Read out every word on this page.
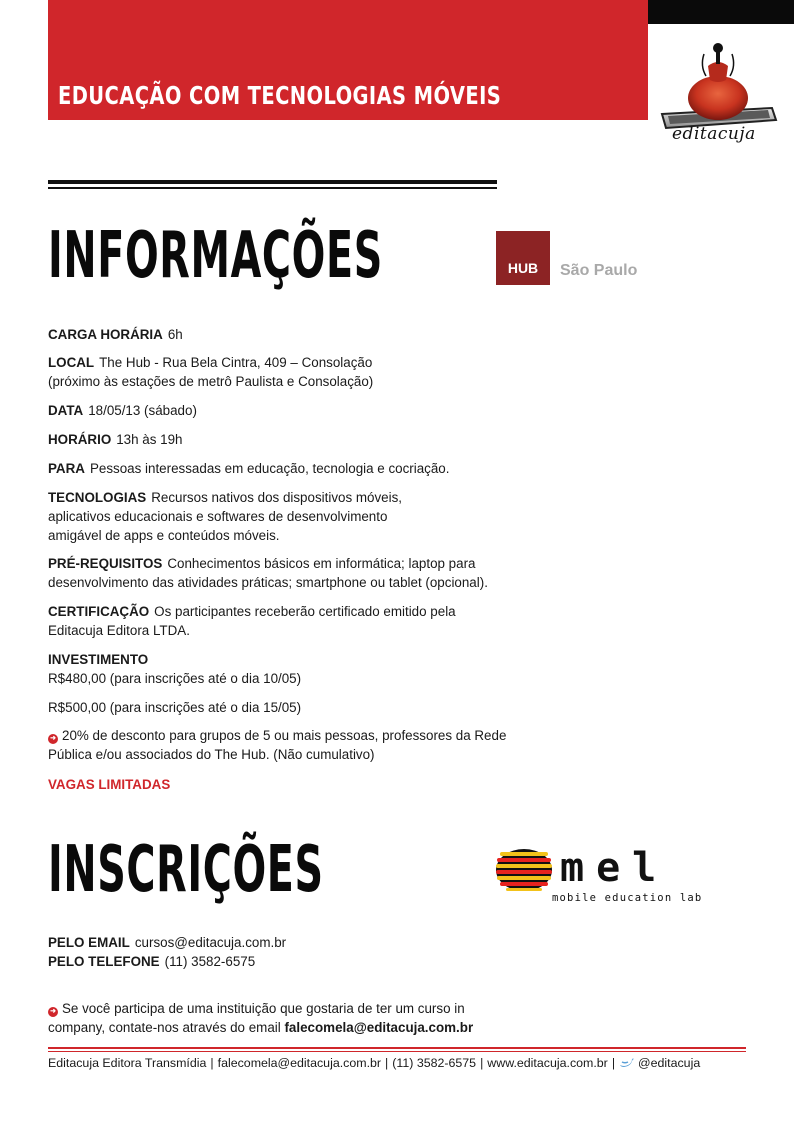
EDUCAÇÃO COM TECNOLOGIAS MÓVEIS
editacuja
INFORMAÇÕES	HUB	São Paulo
CARGA HORÁRIA 6h
LOCAL The Hub - Rua Bela Cintra, 409 – Consolação
(próximo às estações de metrô Paulista e Consolação)
DATA 18/05/13 (sábado)
HORÁRIO 13h às 19h
PARA Pessoas interessadas em educação, tecnologia e cocriação.
TECNOLOGIAS Recursos nativos dos dispositivos móveis,
aplicativos educacionais e softwares de desenvolvimento
amigável de apps e conteúdos móveis.
PRÉ-REQUISITOS Conhecimentos básicos em informática; laptop para
desenvolvimento das atividades práticas; smartphone ou tablet (opcional).
CERTIFICAÇÃO Os participantes receberão certificado emitido pela
Editacuja Editora LTDA.
INVESTIMENTO
R$480,00 (para inscrições até o dia 10/05)
R$500,00 (para inscrições até o dia 15/05)
➜ 20% de desconto para grupos de 5 ou mais pessoas, professores da Rede
Pública e/ou associados do The Hub. (Não cumulativo)
VAGAS LIMITADAS
INSCRIÇÕES	mel
mobile education lab
PELO EMAIL cursos@editacuja.com.br
PELO TELEFONE (11) 3582-6575
➜ Se você participa de uma instituição que gostaria de ter um curso in
company, contate-nos através do email falecomela@editacuja.com.br
Editacuja Editora Transmídia | falecomela@editacuja.com.br | (11) 3582-6575 | www.editacuja.com.br | @editacuja
